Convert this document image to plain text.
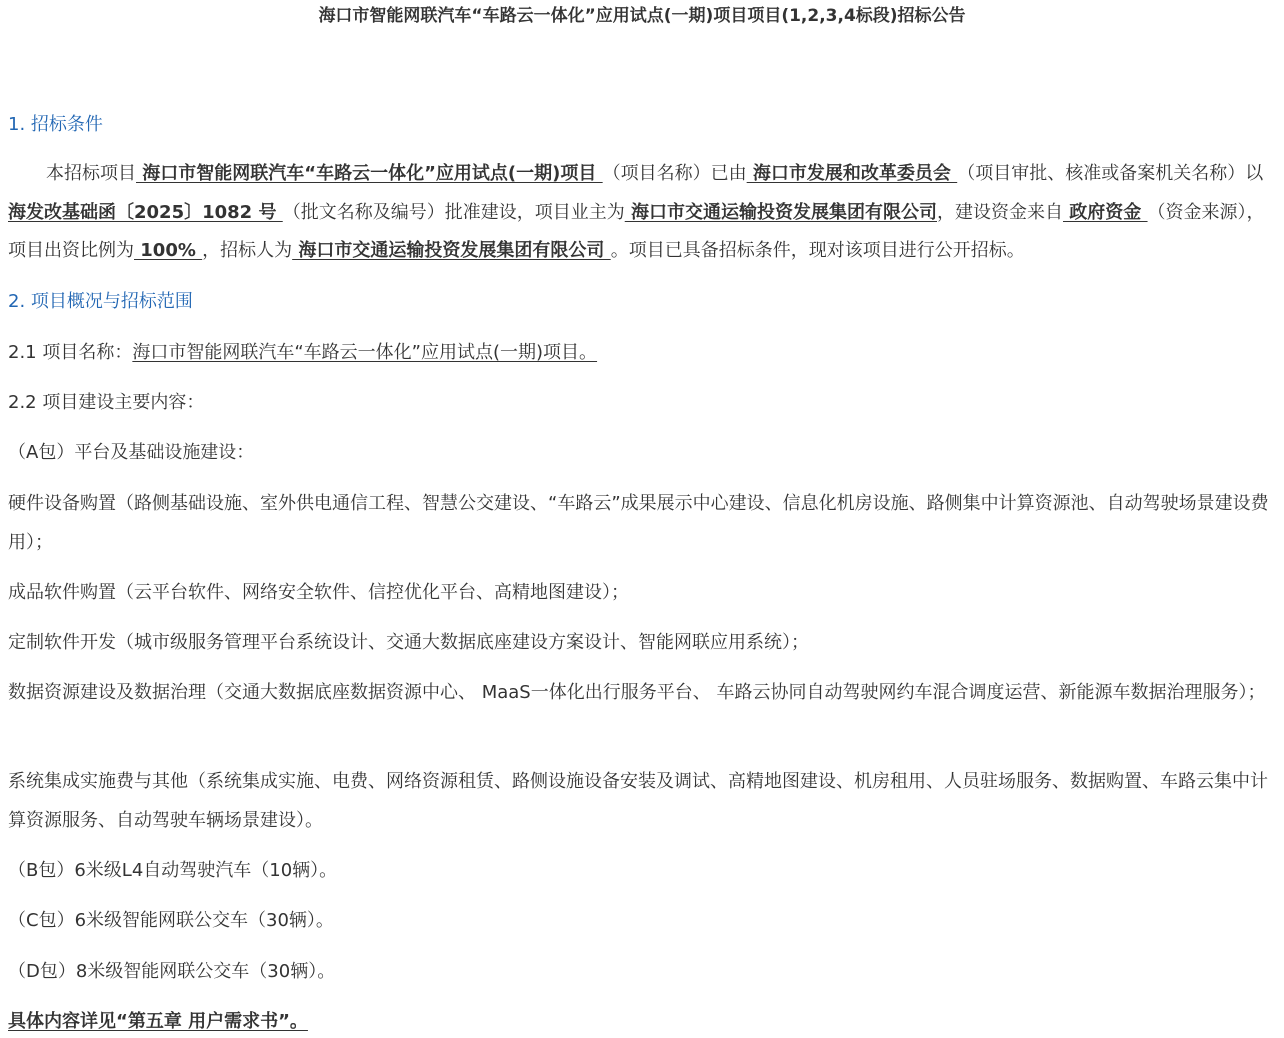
海口市智能网联汽车“车路云一体化”应用试点(一期)项目项目(1,2,3,4标段)招标公告
1. 招标条件
本招标项目 海口市智能网联汽车“车路云一体化”应用试点(一期)项目 （项目名称）已由 海口市发展和改革委员会 （项目审批、核准或备案机关名称）以 海发改基础函〔2025〕1082 号 （批文名称及编号）批准建设，项目业主为 海口市交通运输投资发展集团有限公司，建设资金来自 政府资金 （资金来源），项目出资比例为 100% ，招标人为 海口市交通运输投资发展集团有限公司 。项目已具备招标条件，现对该项目进行公开招标。
2. 项目概况与招标范围
2.1 项目名称：海口市智能网联汽车“车路云一体化”应用试点(一期)项目。
2.2 项目建设主要内容：
（A包）平台及基础设施建设：
硬件设备购置（路侧基础设施、室外供电通信工程、智慧公交建设、“车路云”成果展示中心建设、信息化机房设施、路侧集中计算资源池、自动驾驶场景建设费用）；
成品软件购置（云平台软件、网络安全软件、信控优化平台、高精地图建设）；
定制软件开发（城市级服务管理平台系统设计、交通大数据底座建设方案设计、智能网联应用系统）；
数据资源建设及数据治理（交通大数据底座数据资源中心、 MaaS一体化出行服务平台、 车路云协同自动驾驶网约车混合调度运营、新能源车数据治理服务）；
系统集成实施费与其他（系统集成实施、电费、网络资源租赁、路侧设施设备安装及调试、高精地图建设、机房租用、人员驻场服务、数据购置、车路云集中计算资源服务、自动驾驶车辆场景建设）。
（B包）6米级L4自动驾驶汽车（10辆）。
（C包）6米级智能网联公交车（30辆）。
（D包）8米级智能网联公交车（30辆）。
具体内容详见“第五章 用户需求书”。
